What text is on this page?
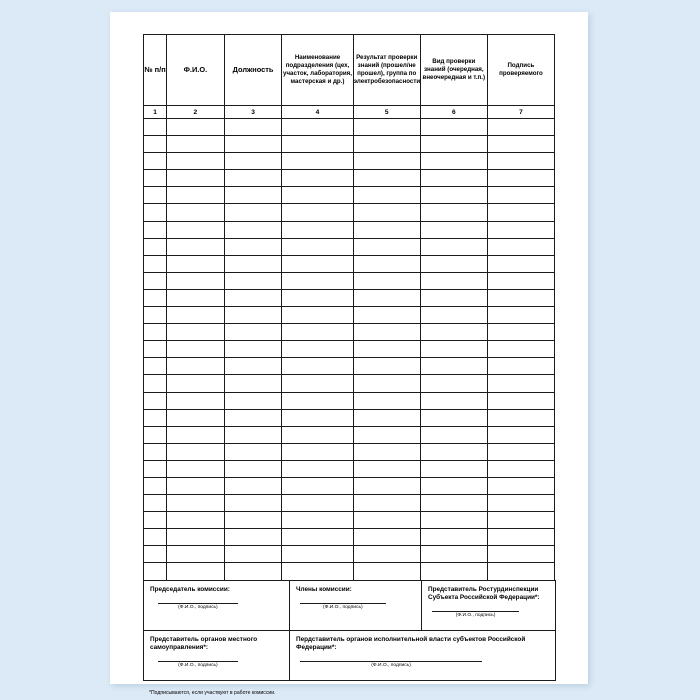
№ п/п	Ф.И.О.	Должность	Наименование подразделения (цех, участок, лаборатория, мастерская и др.)	Результат проверки знаний (прошел/не прошел), группа по электробезопасности	Вид проверки знаний (очередная, внеочередная и т.п.)	Подпись проверяемого
1	2	3	4	5	6	7

Председатель комиссии:
(Ф.И.О., подпись)

Члены комиссии:
(Ф.И.О., подпись)

Представитель Ростурдинспекции Субъекта Российской Федерации*:
(Ф.И.О., подпись)

Представитель органов местного самоуправления*:
(Ф.И.О., подпись)

Пердставитель органов исполнительной власти субъектов Российской Федерации*:
(Ф.И.О., подпись)
*Подписываются, если участвуют в работе комиссии.
